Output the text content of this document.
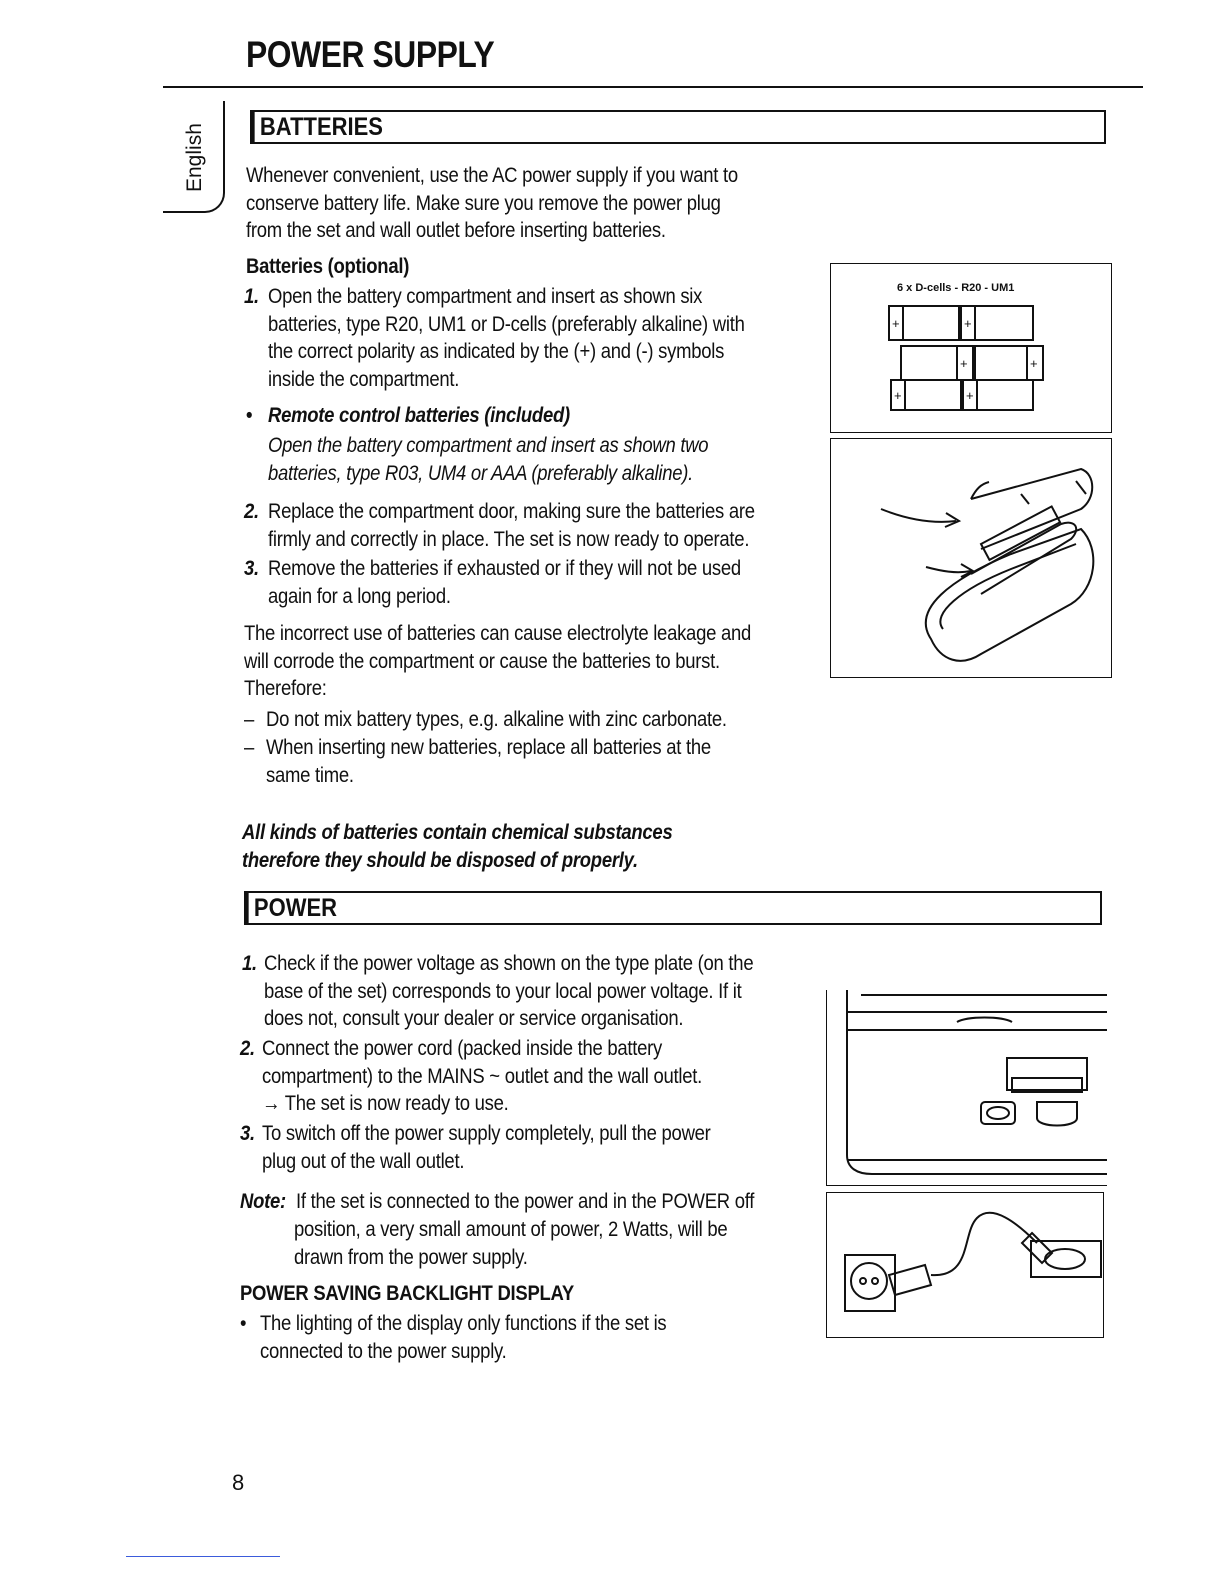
POWER SUPPLY
English	BATTERIES
Whenever convenient, use the AC power supply if you want to
conserve battery life. Make sure you remove the power plug
from the set and wall outlet before inserting batteries.
Batteries (optional)
1. Open the battery compartment and insert as shown six
batteries, type R20, UM1 or D-cells (preferably alkaline) with
the correct polarity as indicated by the (+) and (-) symbols
inside the compartment.
• Remote control batteries (included)
Open the battery compartment and insert as shown two
batteries, type R03, UM4 or AAA (preferably alkaline).
2. Replace the compartment door, making sure the batteries are
firmly and correctly in place. The set is now ready to operate.
3. Remove the batteries if exhausted or if they will not be used
again for a long period.
The incorrect use of batteries can cause electrolyte leakage and
will corrode the compartment or cause the batteries to burst.
Therefore:
– Do not mix battery types, e.g. alkaline with zinc carbonate.
– When inserting new batteries, replace all batteries at the
same time.
All kinds of batteries contain chemical substances
therefore they should be disposed of properly.
6 x D-cells - R20 - UM1
+	+
+	+
+	+
POWER
1. Check if the power voltage as shown on the type plate (on the
base of the set) corresponds to your local power voltage. If it
does not, consult your dealer or service organisation.
2. Connect the power cord (packed inside the battery
compartment) to the MAINS ~ outlet and the wall outlet.
→ The set is now ready to use.
3. To switch off the power supply completely, pull the power
plug out of the wall outlet.
Note: If the set is connected to the power and in the POWER off
position, a very small amount of power, 2 Watts, will be
drawn from the power supply.
POWER SAVING BACKLIGHT DISPLAY
• The lighting of the display only functions if the set is
connected to the power supply.
8
